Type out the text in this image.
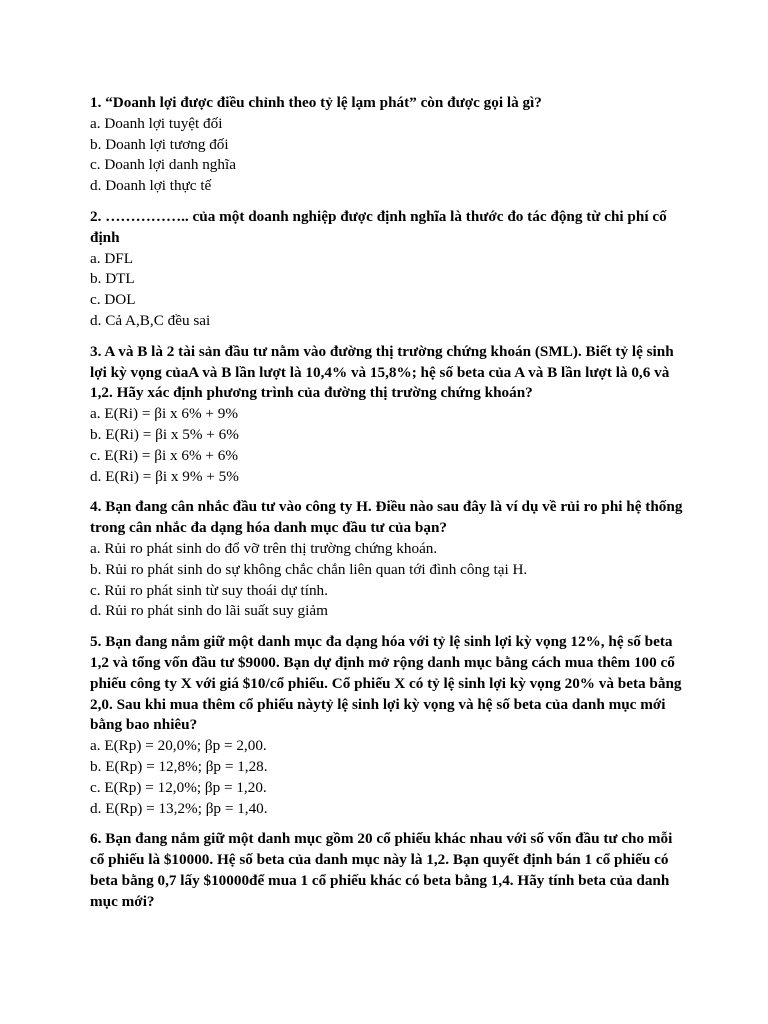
1. “Doanh lợi được điều chỉnh theo tỷ lệ lạm phát” còn được gọi là gì?

a. Doanh lợi tuyệt đối
b. Doanh lợi tương đối
c. Doanh lợi danh nghĩa
d. Doanh lợi thực tế

2. …………….. của một doanh nghiệp được định nghĩa là thước đo tác động từ chi phí cố định

a. DFL
b. DTL
c. DOL
d. Cả A,B,C đều sai

3. A và B là 2 tài sản đầu tư nằm vào đường thị trường chứng khoán (SML). Biết tỷ lệ sinh lợi kỳ vọng củaA và B lần lượt là 10,4% và 15,8%; hệ số beta của A và B lần lượt là 0,6 và 1,2. Hãy xác định phương trình của đường thị trường chứng khoán?

a. E(Ri) = βi x 6% + 9%
b. E(Ri) = βi x 5% + 6%
c. E(Ri) = βi x 6% + 6%
d. E(Ri) = βi x 9% + 5%

4. Bạn đang cân nhắc đầu tư vào công ty H. Điều nào sau đây là ví dụ về rủi ro phi hệ thống trong cân nhắc đa dạng hóa danh mục đầu tư của bạn?

a. Rủi ro phát sinh do đổ vỡ trên thị trường chứng khoán.
b. Rủi ro phát sinh do sự không chắc chắn liên quan tới đình công tại H.
c. Rủi ro phát sinh từ suy thoái dự tính.
d. Rủi ro phát sinh do lãi suất suy giảm

5. Bạn đang nắm giữ một danh mục đa dạng hóa với tỷ lệ sinh lợi kỳ vọng 12%, hệ số beta 1,2 và tổng vốn đầu tư $9000. Bạn dự định mở rộng danh mục bằng cách mua thêm 100 cổ phiếu công ty X với giá $10/cổ phiếu. Cổ phiếu X có tỷ lệ sinh lợi kỳ vọng 20% và beta bằng 2,0. Sau khi mua thêm cổ phiếu nàytỷ lệ sinh lợi kỳ vọng và hệ số beta của danh mục mới bằng bao nhiêu?

a. E(Rp) = 20,0%; βp = 2,00.
b. E(Rp) = 12,8%; βp = 1,28.
c. E(Rp) = 12,0%; βp = 1,20.
d. E(Rp) = 13,2%; βp = 1,40.

6. Bạn đang nắm giữ một danh mục gồm 20 cổ phiếu khác nhau với số vốn đầu tư cho mỗi cổ phiếu là $10000. Hệ số beta của danh mục này là 1,2. Bạn quyết định bán 1 cổ phiếu có beta bằng 0,7 lấy $10000để mua 1 cổ phiếu khác có beta bằng 1,4. Hãy tính beta của danh mục mới?
